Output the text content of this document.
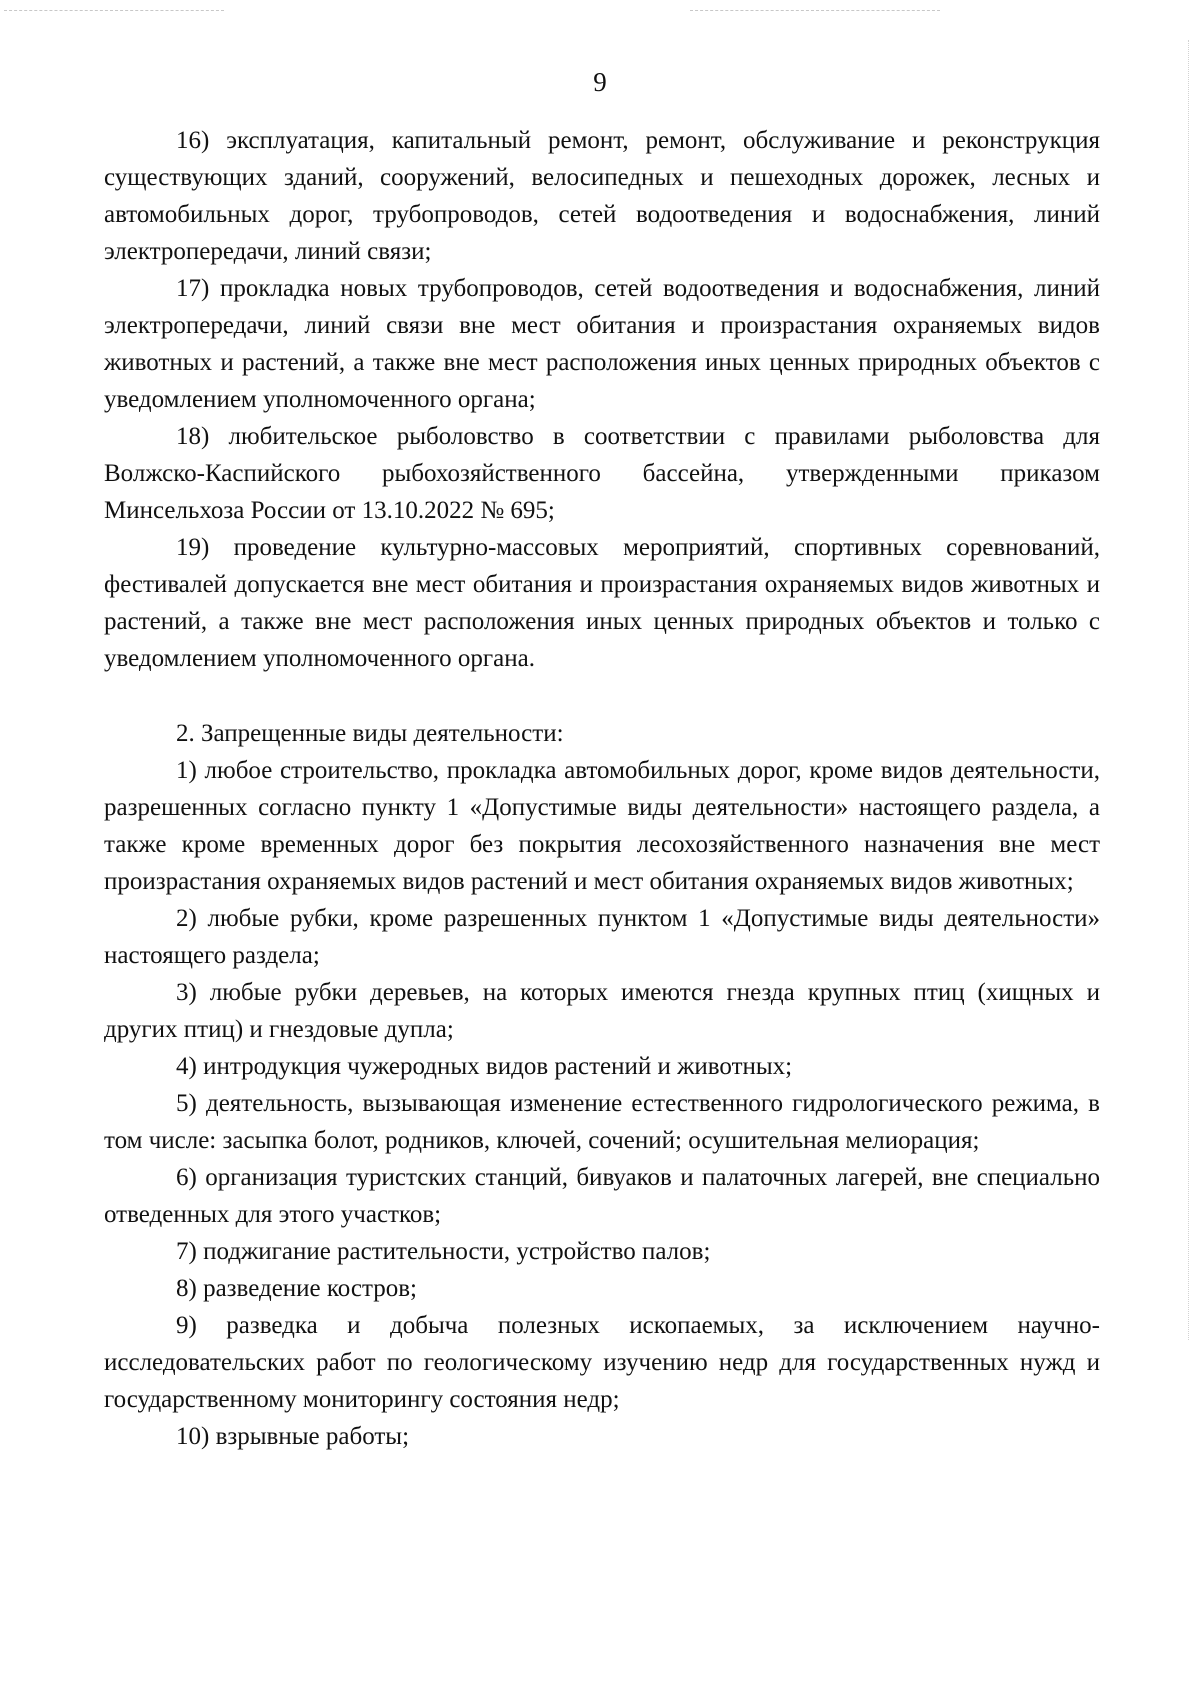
9

16) эксплуатация, капитальный ремонт, ремонт, обслуживание и реконструкция существующих зданий, сооружений, велосипедных и пешеходных дорожек, лесных и автомобильных дорог, трубопроводов, сетей водоотведения и водоснабжения, линий электропередачи, линий связи;

17) прокладка новых трубопроводов, сетей водоотведения и водоснабжения, линий электропередачи, линий связи вне мест обитания и произрастания охраняемых видов животных и растений, а также вне мест расположения иных ценных природных объектов с уведомлением уполномоченного органа;

18) любительское рыболовство в соответствии с правилами рыболовства для Волжско-Каспийского рыбохозяйственного бассейна, утвержденными приказом Минсельхоза России от 13.10.2022 № 695;

19) проведение культурно-массовых мероприятий, спортивных соревнований, фестивалей допускается вне мест обитания и произрастания охраняемых видов животных и растений, а также вне мест расположения иных ценных природных объектов и только с уведомлением уполномоченного органа.

2. Запрещенные виды деятельности:

1) любое строительство, прокладка автомобильных дорог, кроме видов деятельности, разрешенных согласно пункту 1 «Допустимые виды деятельности» настоящего раздела, а также кроме временных дорог без покрытия лесохозяйственного назначения вне мест произрастания охраняемых видов растений и мест обитания охраняемых видов животных;

2) любые рубки, кроме разрешенных пунктом 1 «Допустимые виды деятельности» настоящего раздела;

3) любые рубки деревьев, на которых имеются гнезда крупных птиц (хищных и других птиц) и гнездовые дупла;

4) интродукция чужеродных видов растений и животных;

5) деятельность, вызывающая изменение естественного гидрологического режима, в том числе: засыпка болот, родников, ключей, сочений; осушительная мелиорация;

6) организация туристских станций, бивуаков и палаточных лагерей, вне специально отведенных для этого участков;

7) поджигание растительности, устройство палов;

8) разведение костров;

9) разведка и добыча полезных ископаемых, за исключением научно-исследовательских работ по геологическому изучению недр для государственных нужд и государственному мониторингу состояния недр;

10) взрывные работы;
